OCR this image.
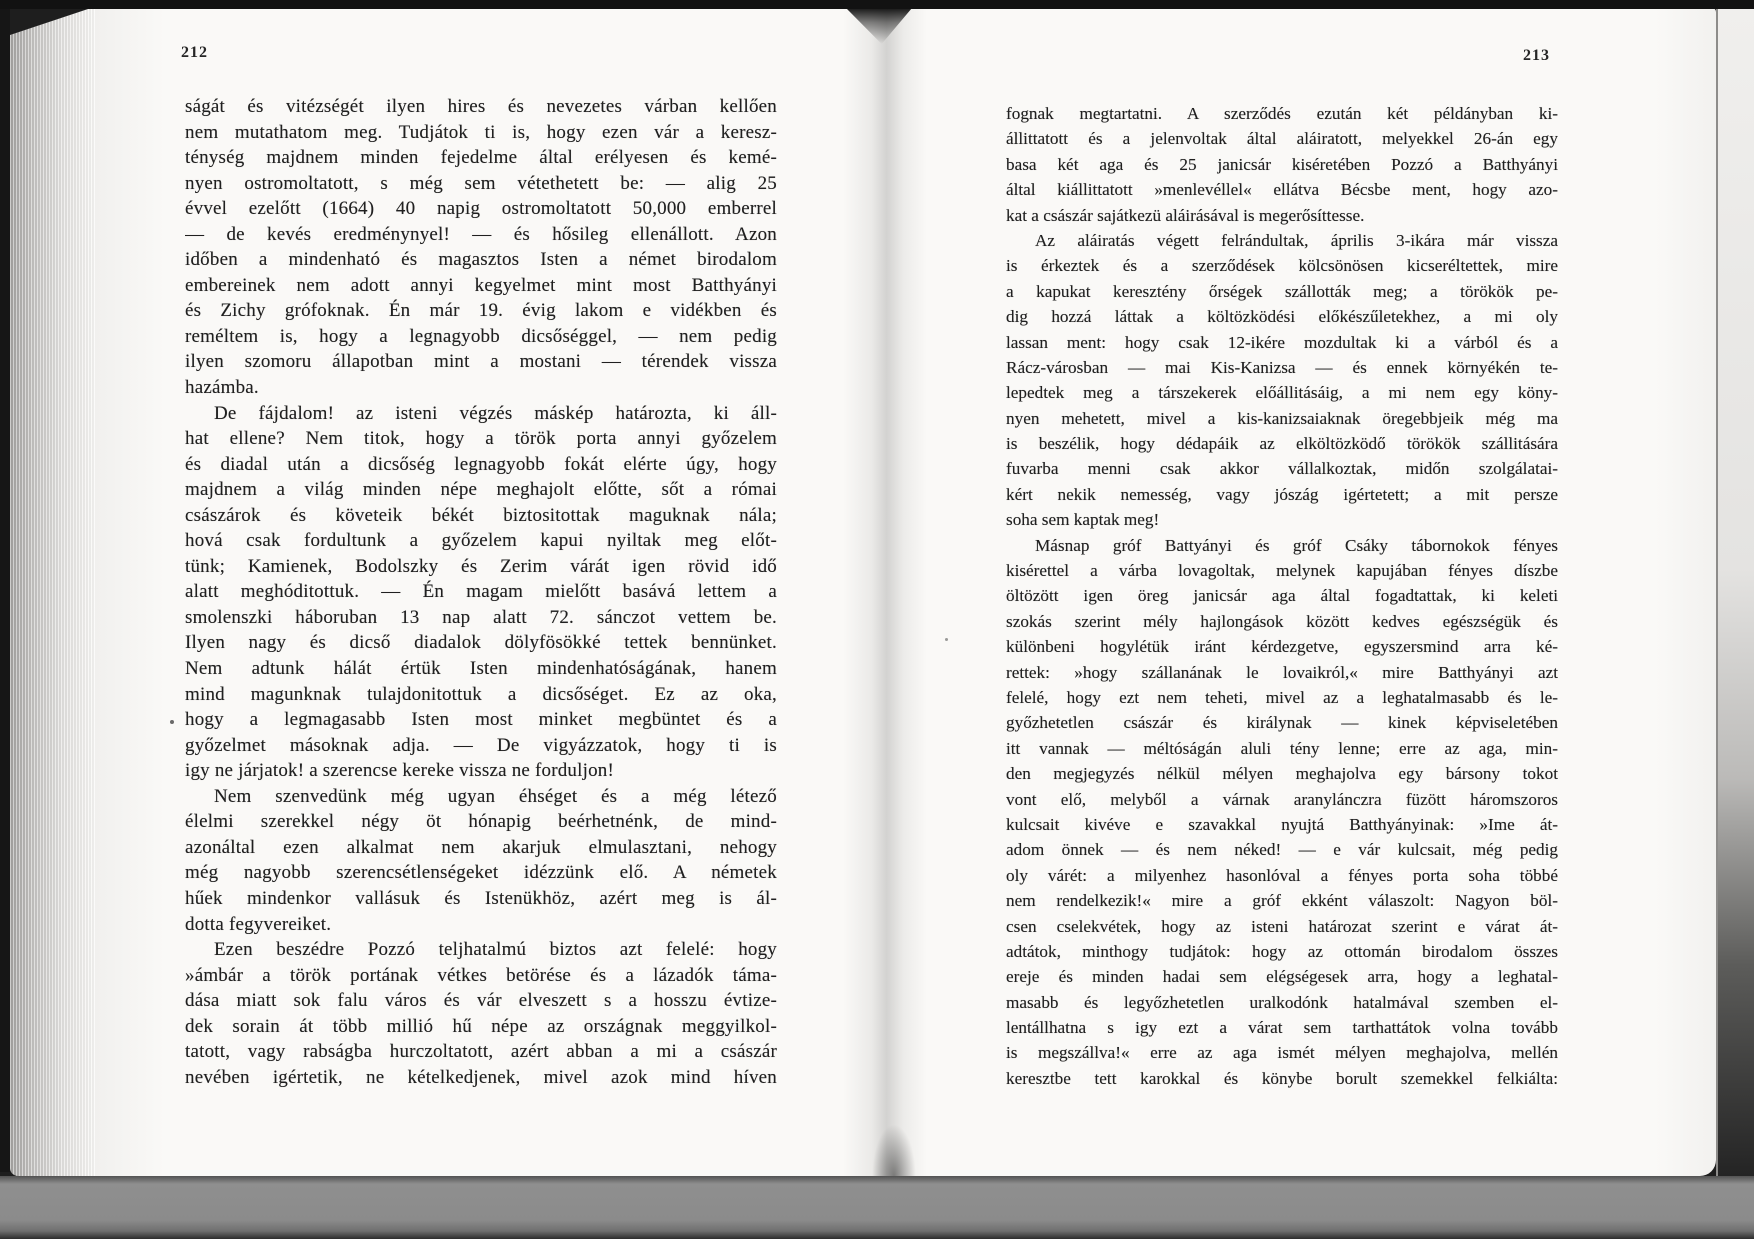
212	213
ságát és vitézségét ilyen hires és nevezetes várban kellően
nem mutathatom meg. Tudjátok ti is, hogy ezen vár a keresz-
ténység majdnem minden fejedelme által erélyesen és kemé-
nyen ostromoltatott, s még sem vétethetett be: — alig 25
évvel ezelőtt (1664) 40 napig ostromoltatott 50,000 emberrel
— de kevés eredménynyel! — és hősileg ellenállott. Azon
időben a mindenható és magasztos Isten a német birodalom
embereinek nem adott annyi kegyelmet mint most Batthyányi
és Zichy grófoknak. Én már 19. évig lakom e vidékben és
reméltem is, hogy a legnagyobb dicsőséggel, — nem pedig
ilyen szomoru állapotban mint a mostani — térendek vissza
hazámba.
De fájdalom! az isteni végzés máskép határozta, ki áll-
hat ellene? Nem titok, hogy a török porta annyi győzelem
és diadal után a dicsőség legnagyobb fokát elérte úgy, hogy
majdnem a világ minden népe meghajolt előtte, sőt a római
császárok és követeik békét biztositottak maguknak nála;
hová csak fordultunk a győzelem kapui nyiltak meg előt-
tünk; Kamienek, Bodolszky és Zerim várát igen rövid idő
alatt meghóditottuk. — Én magam mielőtt basává lettem a
smolenszki háboruban 13 nap alatt 72. sánczot vettem be.
Ilyen nagy és dicső diadalok dölyfösökké tettek bennünket.
Nem adtunk hálát értük Isten mindenhatóságának, hanem
mind magunknak tulajdonitottuk a dicsőséget. Ez az oka,
hogy a legmagasabb Isten most minket megbüntet és a
győzelmet másoknak adja. — De vigyázzatok, hogy ti is
igy ne járjatok! a szerencse kereke vissza ne forduljon!
Nem szenvedünk még ugyan éhséget és a még létező
élelmi szerekkel négy öt hónapig beérhetnénk, de mind-
azonáltal ezen alkalmat nem akarjuk elmulasztani, nehogy
még nagyobb szerencsétlenségeket idézzünk elő. A németek
hűek mindenkor vallásuk és Istenükhöz, azért meg is ál-
dotta fegyvereiket.
Ezen beszédre Pozzó teljhatalmú biztos azt felelé: hogy
»ámbár a török portának vétkes betörése és a lázadók táma-
dása miatt sok falu város és vár elveszett s a hosszu évtize-
dek sorain át több millió hű népe az országnak meggyilkol-
tatott, vagy rabságba hurczoltatott, azért abban a mi a császár
nevében igértetik, ne kételkedjenek, mivel azok mind híven
fognak megtartatni. A szerződés ezután két példányban ki-
állittatott és a jelenvoltak által aláiratott, melyekkel 26-án egy
basa két aga és 25 janicsár kiséretében Pozzó a Batthyányi
által kiállittatott »menlevéllel« ellátva Bécsbe ment, hogy azo-
kat a császár sajátkezü aláirásával is megerősíttesse.
Az aláiratás végett felrándultak, április 3-ikára már vissza
is érkeztek és a szerződések kölcsönösen kicseréltettek, mire
a kapukat keresztény őrségek szállották meg; a törökök pe-
dig hozzá láttak a költözködési előkészűletekhez, a mi oly
lassan ment: hogy csak 12-ikére mozdultak ki a várból és a
Rácz-városban — mai Kis-Kanizsa — és ennek környékén te-
lepedtek meg a társzekerek előállitásáig, a mi nem egy köny-
nyen mehetett, mivel a kis-kanizsaiaknak öregebbjeik még ma
is beszélik, hogy dédapáik az elköltözködő törökök szállitására
fuvarba menni csak akkor vállalkoztak, midőn szolgálatai-
kért nekik nemesség, vagy jószág igértetett; a mit persze
soha sem kaptak meg!
Másnap gróf Battyányi és gróf Csáky tábornokok fényes
kisérettel a várba lovagoltak, melynek kapujában fényes díszbe
öltözött igen öreg janicsár aga által fogadtattak, ki keleti
szokás szerint mély hajlongások között kedves egészségük és
különbeni hogylétük iránt kérdezgetve, egyszersmind arra ké-
rettek: »hogy szállanának le lovaikról,« mire Batthyányi azt
felelé, hogy ezt nem teheti, mivel az a leghatalmasabb és le-
győzhetetlen császár és királynak — kinek képviseletében
itt vannak — méltóságán aluli tény lenne; erre az aga, min-
den megjegyzés nélkül mélyen meghajolva egy bársony tokot
vont elő, melyből a várnak aranylánczra füzött háromszoros
kulcsait kivéve e szavakkal nyujtá Batthyányinak: »Ime át-
adom önnek — és nem néked! — e vár kulcsait, még pedig
oly várét: a milyenhez hasonlóval a fényes porta soha többé
nem rendelkezik!« mire a gróf ekként válaszolt: Nagyon böl-
csen cselekvétek, hogy az isteni határozat szerint e várat át-
adtátok, minthogy tudjátok: hogy az ottomán birodalom összes
ereje és minden hadai sem elégségesek arra, hogy a leghatal-
masabb és legyőzhetetlen uralkodónk hatalmával szemben el-
lentállhatna s igy ezt a várat sem tarthattátok volna tovább
is megszállva!« erre az aga ismét mélyen meghajolva, mellén
keresztbe tett karokkal és könybe borult szemekkel felkiálta:
